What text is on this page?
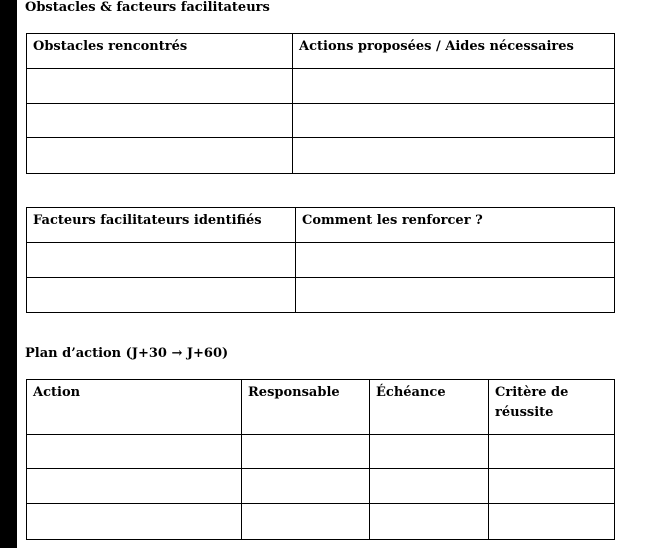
Obstacles & facteurs facilitateurs
Obstacles rencontrés	Actions proposées / Aides nécessaires

Facteurs facilitateurs identifiés	Comment les renforcer ?

Plan d’action (J+30 → J+60)
Action	Responsable	Échéance	Critère de réussite
